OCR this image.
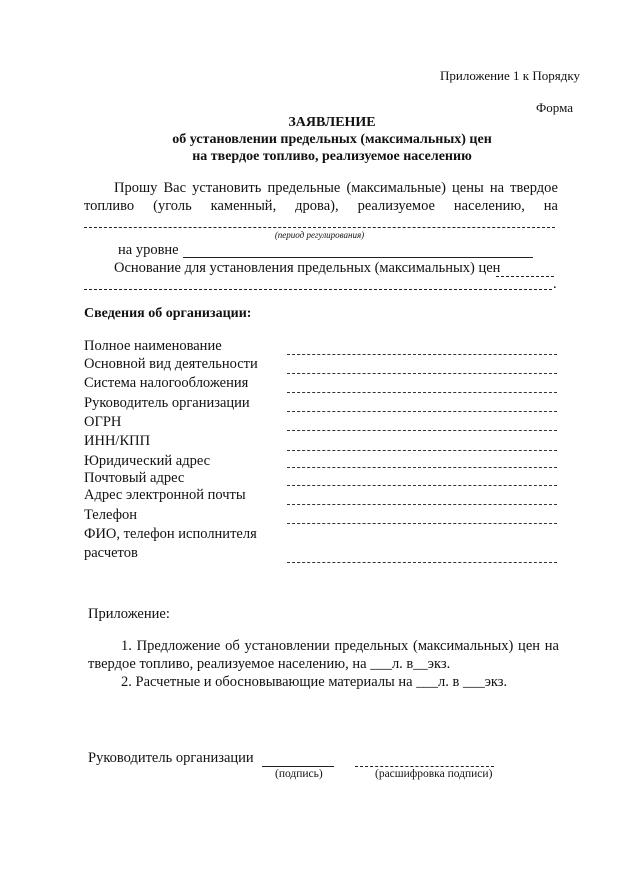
Приложение 1 к Порядку
Форма
ЗАЯВЛЕНИЕ
об установлении предельных (максимальных) цен
на твердое топливо, реализуемое населению
Прошу Вас установить предельные (максимальные) цены на твердое
топливо (уголь каменный, дрова), реализуемое населению, на
(период регулирования)
на уровне
Основание для установления предельных (максимальных) цен
.
Сведения об организации:
Полное наименование
Основной вид деятельности
Система налогообложения
Руководитель организации
ОГРН
ИНН/КПП
Юридический адрес
Почтовый адрес
Адрес электронной почты
Телефон
ФИО, телефон исполнителя
расчетов
Приложение:
1. Предложение об установлении предельных (максимальных) цен на
твердое топливо, реализуемое населению, на ___л. в__экз.
2. Расчетные и обосновывающие материалы на ___л. в ___экз.
Руководитель организации
(подпись)	(расшифровка подписи)
